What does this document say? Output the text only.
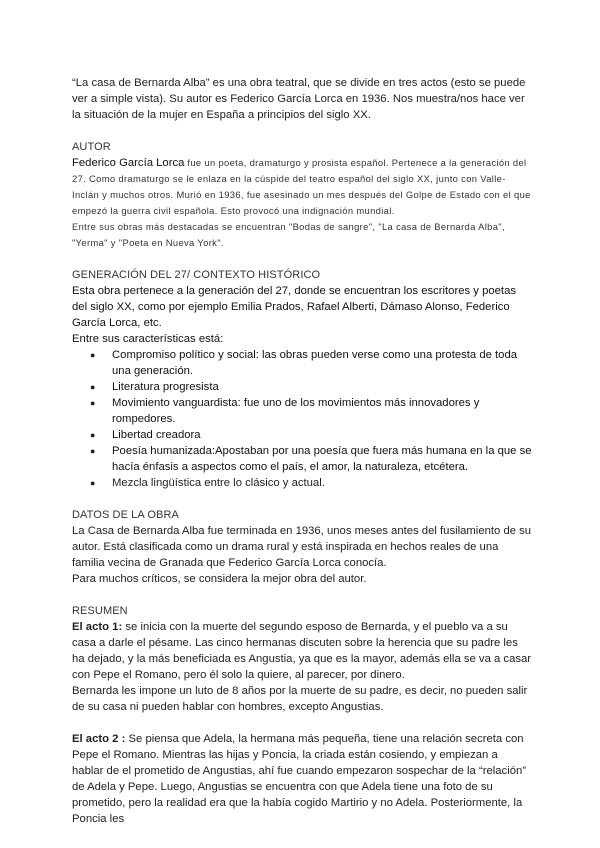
“La casa de Bernarda Alba” es una obra teatral, que se divide en tres actos (esto se puede ver a simple vista). Su autor es Federico García Lorca en 1936. Nos muestra/nos hace ver la situación de la mujer en España a principios del siglo XX.

AUTOR

Federico García Lorca fue un poeta, dramaturgo y prosista español. Pertenece a la generación del 27. Como dramaturgo se le enlaza en la cúspide del teatro español del siglo XX, junto con Valle-Inclán y muchos otros. Murió en 1936, fue asesinado un mes después del Golpe de Estado con el que empezó la guerra civil española. Esto provocó una indignación mundial.

Entre sus obras más destacadas se encuentran "Bodas de sangre", "La casa de Bernarda Alba", "Yerma" y "Poeta en Nueva York".

GENERACIÓN DEL 27/ CONTEXTO HISTÓRICO

Esta obra pertenece a la generación del 27, donde se encuentran los escritores y poetas del siglo XX, como por ejemplo Emilia Prados, Rafael Alberti, Dámaso Alonso, Federico García Lorca, etc.

Entre sus características está:

● Compromiso político y social: las obras pueden verse como una protesta de toda una generación.
● Literatura progresista
● Movimiento vanguardista: fue uno de los movimientos más innovadores y rompedores.
● Libertad creadora
● Poesía humanizada:Apostaban por una poesía que fuera más humana en la que se hacía énfasis a aspectos como el país, el amor, la naturaleza, etcétera.
● Mezcla lingüística entre lo clásico y actual.

DATOS DE LA OBRA

La Casa de Bernarda Alba fue terminada en 1936, unos meses antes del fusilamiento de su autor. Está clasificada como un drama rural y está inspirada en hechos reales de una familia vecina de Granada que Federico García Lorca conocía.

Para muchos críticos, se considera la mejor obra del autor.

RESUMEN

El acto 1: se inicia con la muerte del segundo esposo de Bernarda, y el pueblo va a su casa a darle el pésame. Las cinco hermanas discuten sobre la herencia que su padre les ha dejado, y la más beneficiada es Angustia, ya que es la mayor, además ella se va a casar con Pepe el Romano, pero él solo la quiere, al parecer, por dinero.

Bernarda les impone un luto de 8 años por la muerte de su padre, es decir, no pueden salir de su casa ni pueden hablar con hombres, excepto Angustias.

El acto 2 : Se piensa que Adela, la hermana más pequeña, tiene una relación secreta con Pepe el Romano. Mientras las hijas y Poncia, la criada están cosiendo, y empiezan a hablar de el prometido de Angustias, ahí fue cuando empezaron sospechar de la “relación” de Adela y Pepe. Luego, Angustias se encuentra con que Adela tiene una foto de su prometido, pero la realidad era que la había cogido Martirio y no Adela. Posteriormente, la Poncia les
